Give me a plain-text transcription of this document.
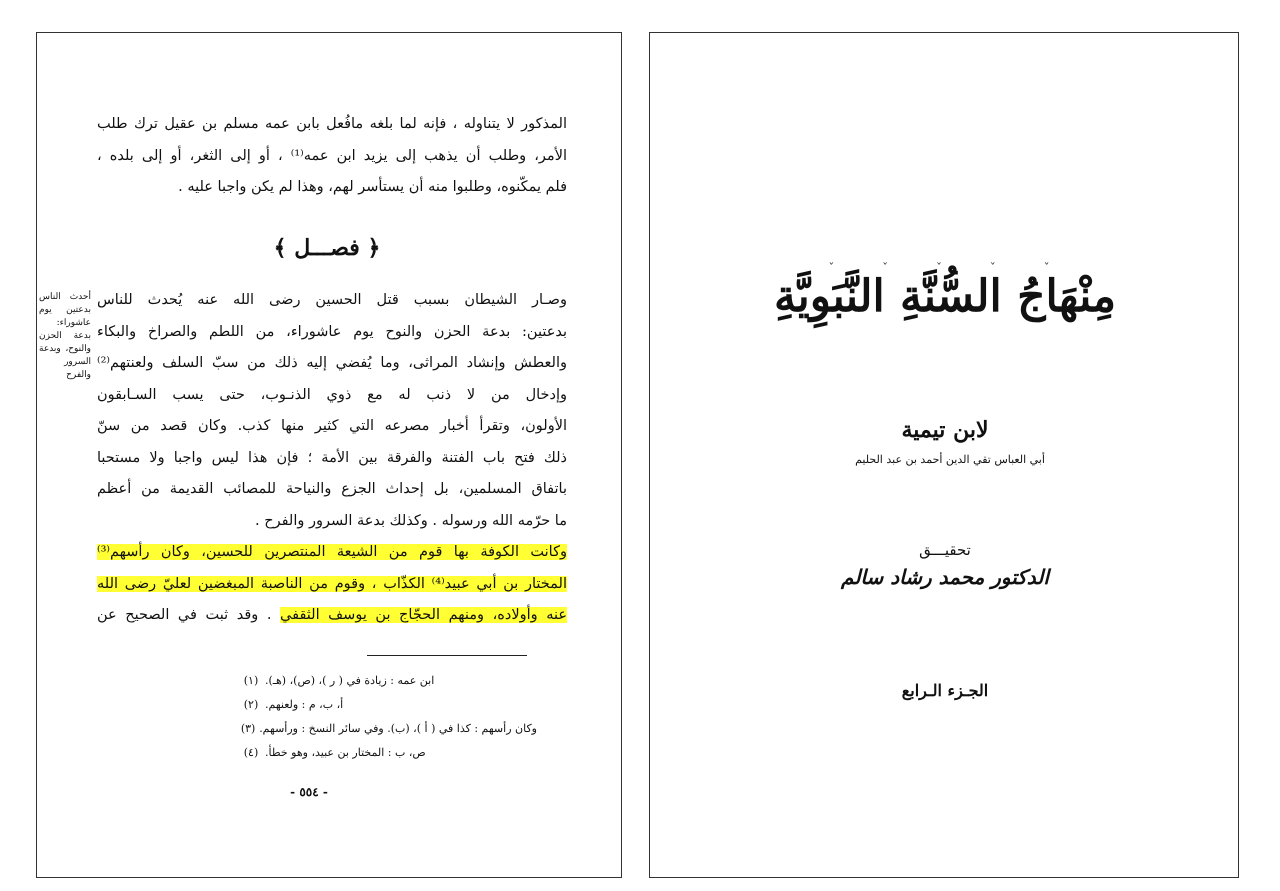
المذكور لا يتناوله ، فإنه لما بلغه مافُعل بابن عمه مسلم بن عقيل ترك طلب
الأمر، وطلب أن يذهب إلى يزيد ابن عمه⁽¹⁾ ، أو إلى الثغر، أو إلى بلده ،
فلم يمكّنوه، وطلبوا منه أن يستأسر لهم، وهذا لم يكن واجبا عليه .
﴿ فصـــل ﴾
أحدث الناس بدعتين يوم عاشوراء: بدعة الحزن والنوح، وبدعة السرور والفرح
وصـار الشيطان بسبب قتل الحسين رضى الله عنه يُحدث للناس
بدعتين: بدعة الحزن والنوح يوم عاشوراء، من اللطم والصراخ والبكاء
والعطش وإنشاد المراثى، وما يُفضي إليه ذلك من سبّ السلف ولعنتهم⁽²⁾
وإدخال من لا ذنب له مع ذوي الذنـوب، حتى يسب السـابقون
الأولون، وتقرأ أخبار مصرعه التي كثير منها كذب. وكان قصد من سنّ
ذلك فتح باب الفتنة والفرقة بين الأمة ؛ فإن هذا ليس واجبا ولا مستحبا
باتفاق المسلمين، بل إحداث الجزع والنياحة للمصائب القديمة من أعظم
ما حرّمه الله ورسوله . وكذلك بدعة السرور والفرح .
وكانت الكوفة بها قوم من الشيعة المنتصرين للحسين، وكان رأسهم⁽³⁾
المختار بن أبي عبيد⁽⁴⁾ الكذّاب ، وقوم من الناصبة المبغضين لعليّ رضى الله
عنه وأولاده، ومنهم الحجّاج بن يوسف الثقفي . وقد ثبت في الصحيح عن
(١) ابن عمه : زيادة في ( ر )، (ص)، (هـ).
(٢) أ، ب، م : ولعنهم.
(٣) وكان رأسهم : كذا في ( أ )، (ب). وفي سائر النسخ : ورأسهم.
(٤) ص، ب : المختار بن عبيد، وهو خطأ.
- ٥٥٤ -
ˇ ˇ ˇ ˇ ˇ
مِنْهَاجُ السُّنَّةِ النَّبَوِيَّةِ
لابن تيمية
أبي العباس تقي الدين أحمد بن عبد الحليم
تحقيـــق
الدكتور محمد رشاد سالم
الجـزء الـرابع
